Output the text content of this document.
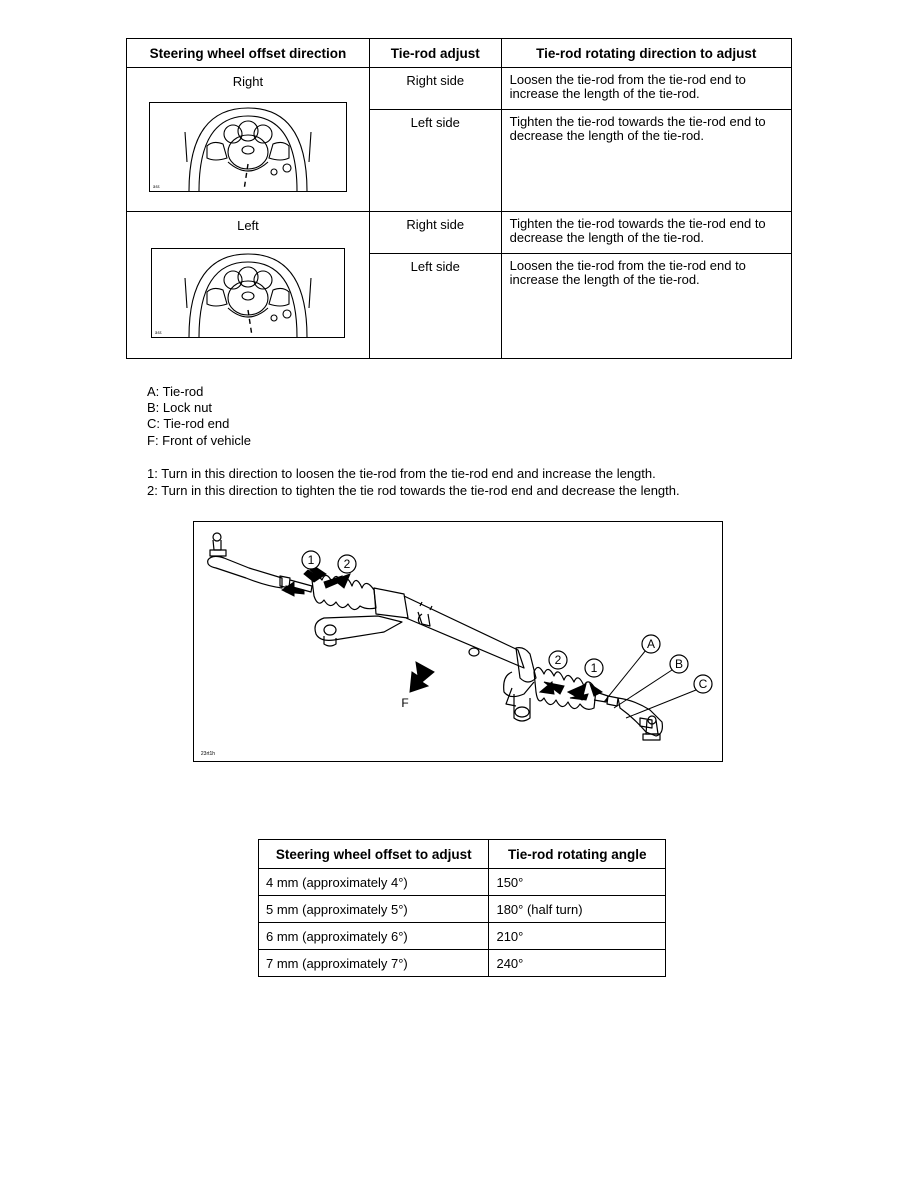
Steering wheel offset direction	Tie-rod adjust	Tie-rod rotating direction to adjust

Right
ass	Right side	Loosen the tie-rod from the tie-rod end to increase the length of the tie-rod.
	Left side	Tighten the tie-rod towards the tie-rod end to decrease the length of the tie-rod.

Left
ass	Right side	Tighten the tie-rod towards the tie-rod end to decrease the length of the tie-rod.
	Left side	Loosen the tie-rod from the tie-rod end to increase the length of the tie-rod.
A: Tie-rod
B: Lock nut
C: Tie-rod end
F: Front of vehicle
1: Turn in this direction to loosen the tie-rod from the tie-rod end and increase the length.
2: Turn in this direction to tighten the tie rod towards the tie-rod end and decrease the length.
1 2
2
1
A
B
C
F
23rt1h
Steering wheel offset to adjust	Tie-rod rotating angle
4 mm (approximately 4°)	150°
5 mm (approximately 5°)	180° (half turn)
6 mm (approximately 6°)	210°
7 mm (approximately 7°)	240°
